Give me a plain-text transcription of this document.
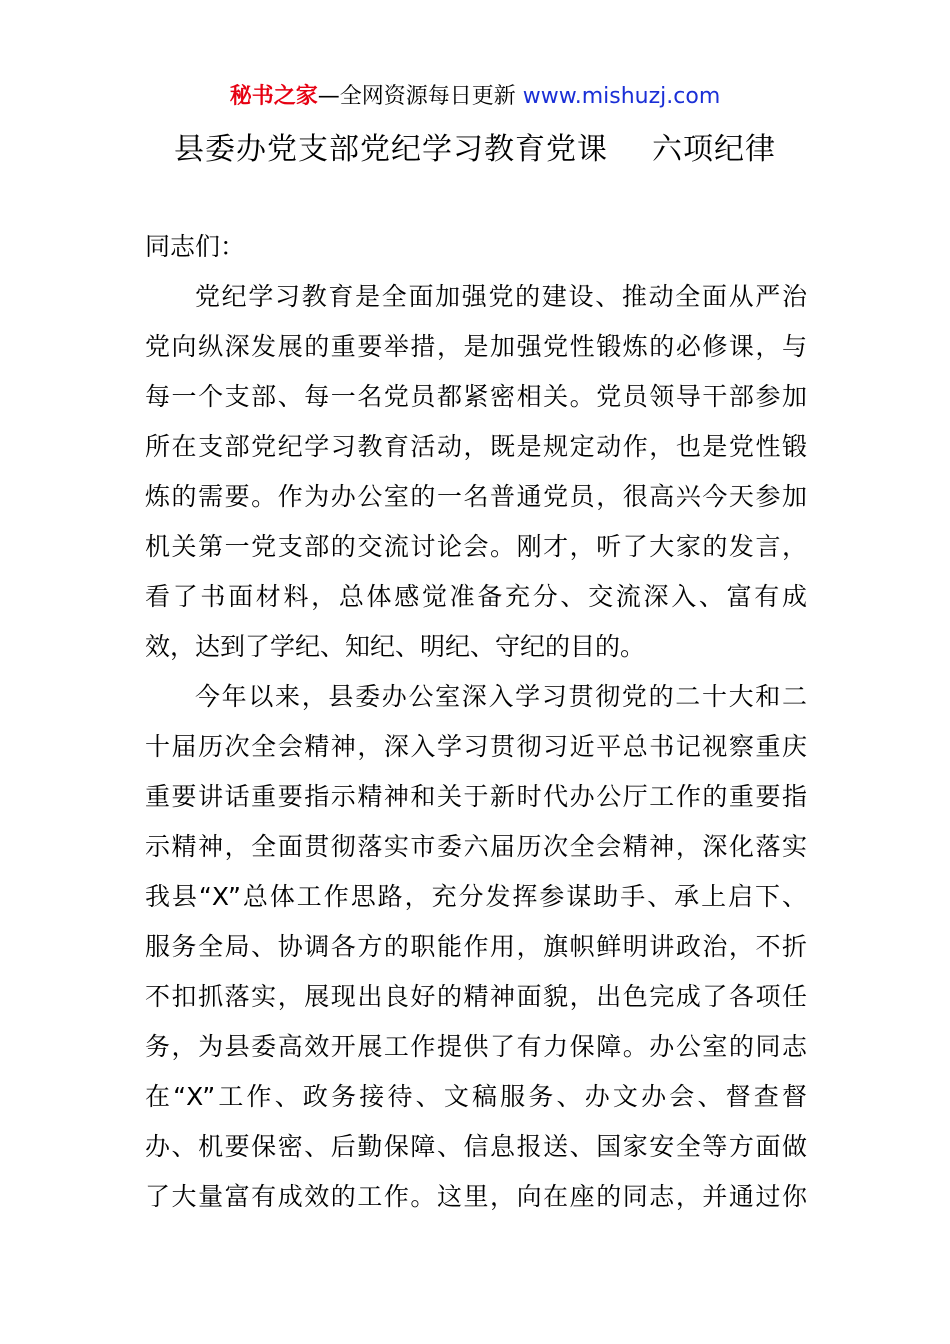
秘书之家—全网资源每日更新 www.mishuzj.com
县委办党支部党纪学习教育党课 六项纪律
同志们：
党纪学习教育是全面加强党的建设、推动全面从严治
党向纵深发展的重要举措，是加强党性锻炼的必修课，与
每一个支部、每一名党员都紧密相关。党员领导干部参加
所在支部党纪学习教育活动，既是规定动作，也是党性锻
炼的需要。作为办公室的一名普通党员，很高兴今天参加
机关第一党支部的交流讨论会。刚才，听了大家的发言，
看了书面材料，总体感觉准备充分、交流深入、富有成
效，达到了学纪、知纪、明纪、守纪的目的。
今年以来，县委办公室深入学习贯彻党的二十大和二
十届历次全会精神，深入学习贯彻习近平总书记视察重庆
重要讲话重要指示精神和关于新时代办公厅工作的重要指
示精神，全面贯彻落实市委六届历次全会精神，深化落实
我县“X”总体工作思路，充分发挥参谋助手、承上启下、
服务全局、协调各方的职能作用，旗帜鲜明讲政治，不折
不扣抓落实，展现出良好的精神面貌，出色完成了各项任
务，为县委高效开展工作提供了有力保障。办公室的同志
在“X”工作、政务接待、文稿服务、办文办会、督查督
办、机要保密、后勤保障、信息报送、国家安全等方面做
了大量富有成效的工作。这里，向在座的同志，并通过你
